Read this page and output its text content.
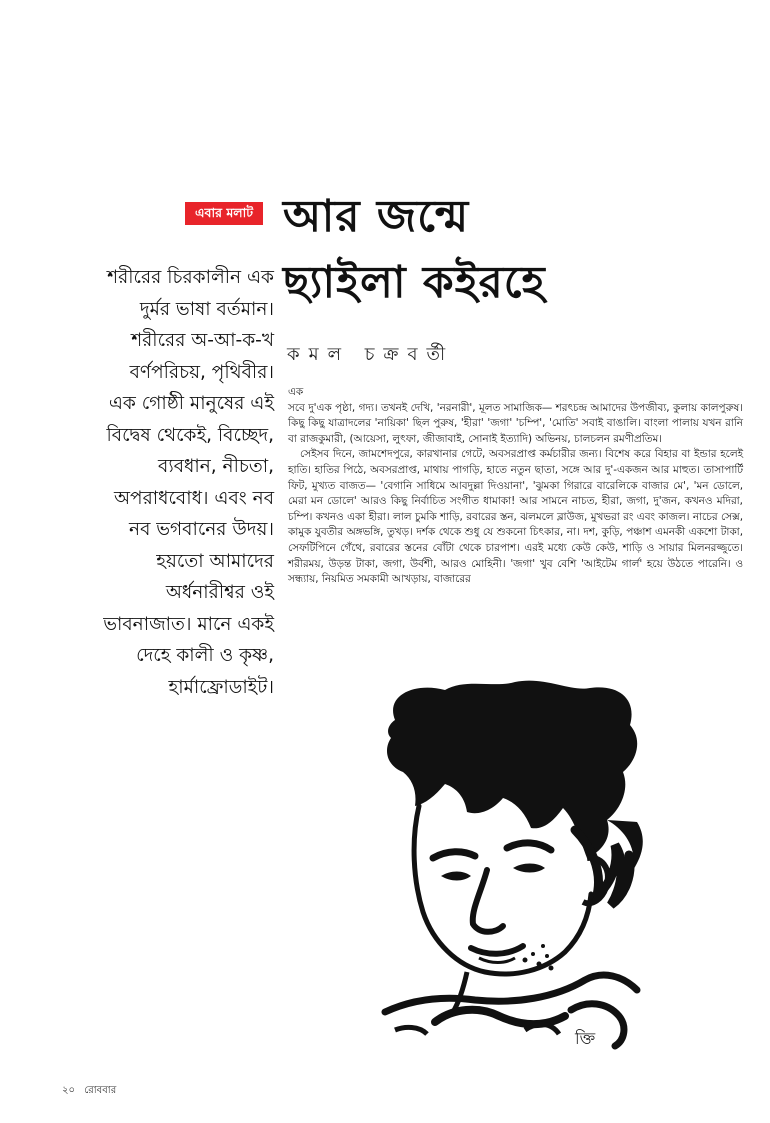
এবার মলাট আর জন্মে
ছ্যাইলা কইরহে
কমল চক্রবর্তী
শরীরের চিরকালীন এক
দুর্মর ভাষা বর্তমান।
শরীরের অ-আ-ক-খ
বর্ণপরিচয়, পৃথিবীর।
এক গোষ্ঠী মানুষের এই
বিদ্বেষ থেকেই, বিচ্ছেদ,
ব্যবধান, নীচতা,
অপরাধবোধ। এবং নব
নব ভগবানের উদয়।
হয়তো আমাদের
অর্ধনারীশ্বর ওই
ভাবনাজাত। মানে একই
দেহে কালী ও কৃষ্ণ,
হার্মাফ্রোডাইট।
এক

সবে দু'এক পৃষ্ঠা, গদ্য। তখনই দেখি, 'নরনারী', মূলত সামাজিক— শরৎচন্দ্র আমাদের উপজীব্য, কুলায় কালপুরুষ। কিছু কিছু যাত্রাদলের 'নায়িকা' ছিল পুরুষ, 'হীরা' 'জগা' 'চম্পি', 'মোতি' সবাই বাঙালি। বাংলা পালায় যখন রানি বা রাজকুমারী, (আয়েসা, লুৎফা, জীজাবাই, সোনাই ইত্যাদি) অভিনয়, চালচলন রমণীপ্রতিম।

সেইসব দিনে, জামশেদপুরে, কারখানার গেটে, অবসরপ্রাপ্ত কর্মচারীর জন্য। বিশেষ করে বিহার বা ইন্ডার হলেই হাতি। হাতির পিঠে, অবসরপ্রাপ্ত, মাথায় পাগড়ি, হাতে নতুন ছাতা, সঙ্গে আর দু'-একজন আর মাহুত। তাসাপার্টি ফিট, মুখ্যত বাজত— 'বেগানি সাধিমে আবদুল্লা দিওয়ানা', 'ঝুমকা গিরারে বারেলিকে বাজার মে', 'মন ডোলে, মেরা মন ডোলে' আরও কিছু নির্বাচিত সংগীত ধামাকা! আর সামনে নাচত, হীরা, জগা, দু'জন, কখনও মদিরা, চম্পি। কখনও একা হীরা। লাল চুমকি শাড়ি, রবারের স্তন, ঝলমলে ব্লাউজ, মুখভরা রং এবং কাজল। নাচের সেক্স, কামুক যুবতীর অঙ্গভঙ্গি, তুখড়। দর্শক থেকে শুধু যে শুকনো চিৎকার, না। দশ, কুড়ি, পঞ্চাশ এমনকী একশো টাকা, সেফটিপিনে গেঁথে, রবারের স্তনের বোঁটা থেকে চারপাশ। এরই মধ্যে কেউ কেউ, শাড়ি ও সায়ার মিলনরজ্জুতে। শরীরময়, উড়ন্ত টাকা, জগা, উর্বশী, আরও মোহিনী। 'জগা' খুব বেশি 'আইটেম গার্ল' হয়ে উঠতে পারেনি। ও সন্ধ্যায়, নিয়মিত সমকামী আখড়ায়, বাজারের

ক্তি
২০ রোববার
